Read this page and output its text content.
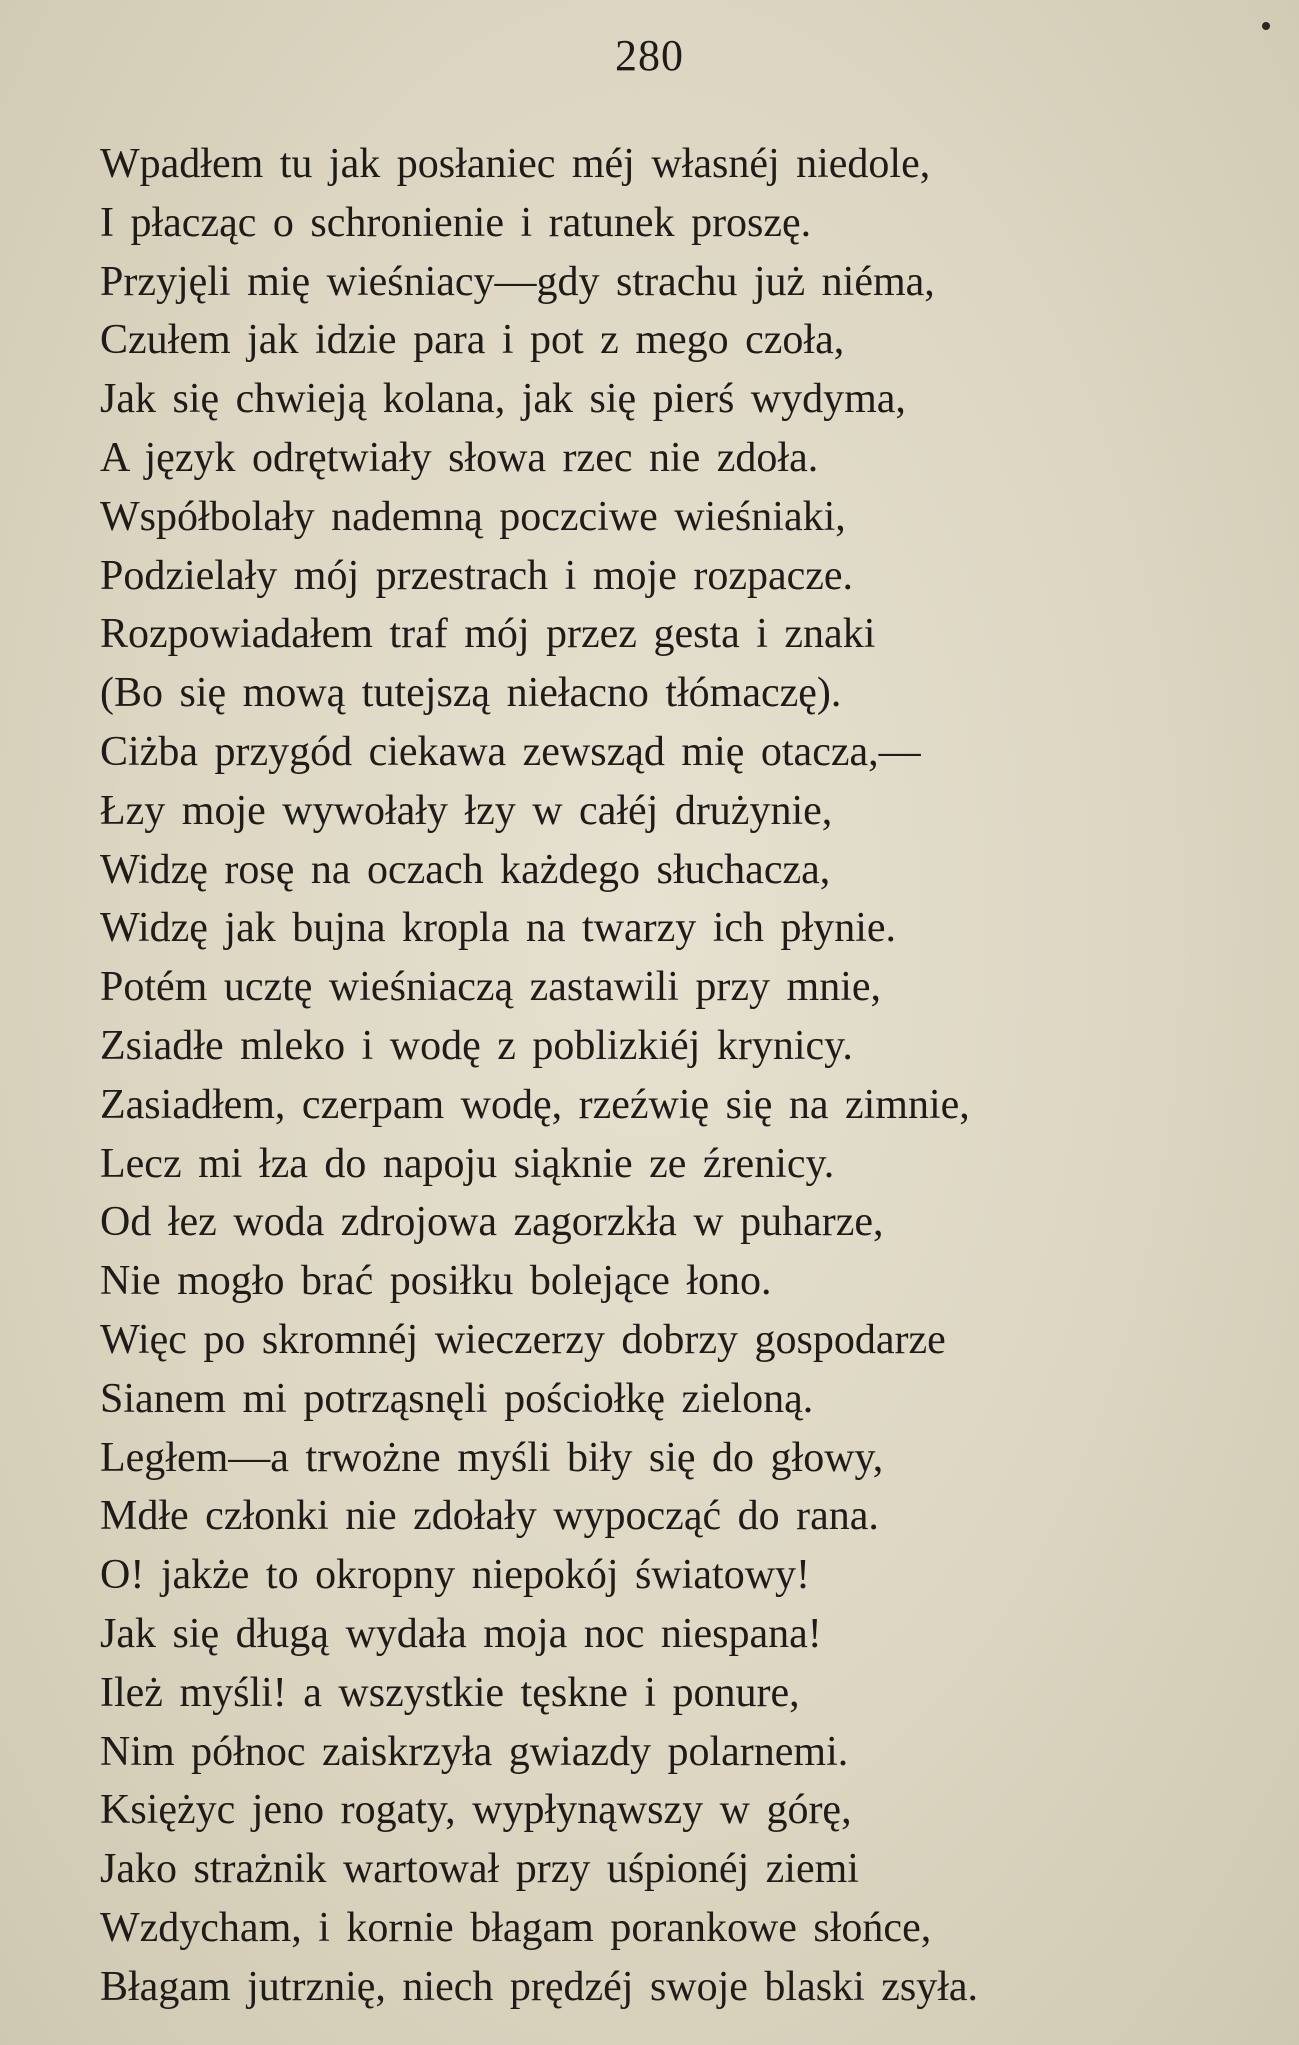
280
Wpadłem tu jak posłaniec méj własnéj niedole,
I płacząc o schronienie i ratunek proszę.
Przyjęli mię wieśniacy—gdy strachu już niéma,
Czułem jak idzie para i pot z mego czoła,
Jak się chwieją kolana, jak się pierś wydyma,
A język odrętwiały słowa rzec nie zdoła.
Współbolały nademną poczciwe wieśniaki,
Podzielały mój przestrach i moje rozpacze.
Rozpowiadałem traf mój przez gesta i znaki
(Bo się mową tutejszą niełacno tłómaczę).
Ciżba przygód ciekawa zewsząd mię otacza,—
Łzy moje wywołały łzy w całéj drużynie,
Widzę rosę na oczach każdego słuchacza,
Widzę jak bujna kropla na twarzy ich płynie.
Potém ucztę wieśniaczą zastawili przy mnie,
Zsiadłe mleko i wodę z poblizkiéj krynicy.
Zasiadłem, czerpam wodę, rzeźwię się na zimnie,
Lecz mi łza do napoju siąknie ze źrenicy.
Od łez woda zdrojowa zagorzkła w puharze,
Nie mogło brać posiłku bolejące łono.
Więc po skromnéj wieczerzy dobrzy gospodarze
Sianem mi potrząsnęli pościołkę zieloną.
Ległem—a trwożne myśli biły się do głowy,
Mdłe członki nie zdołały wypocząć do rana.
O! jakże to okropny niepokój światowy!
Jak się długą wydała moja noc niespana!
Ileż myśli! a wszystkie tęskne i ponure,
Nim północ zaiskrzyła gwiazdy polarnemi.
Księżyc jeno rogaty, wypłynąwszy w górę,
Jako strażnik wartował przy uśpionéj ziemi
Wzdycham, i kornie błagam porankowe słońce,
Błagam jutrznię, niech prędzéj swoje blaski zsyła.
